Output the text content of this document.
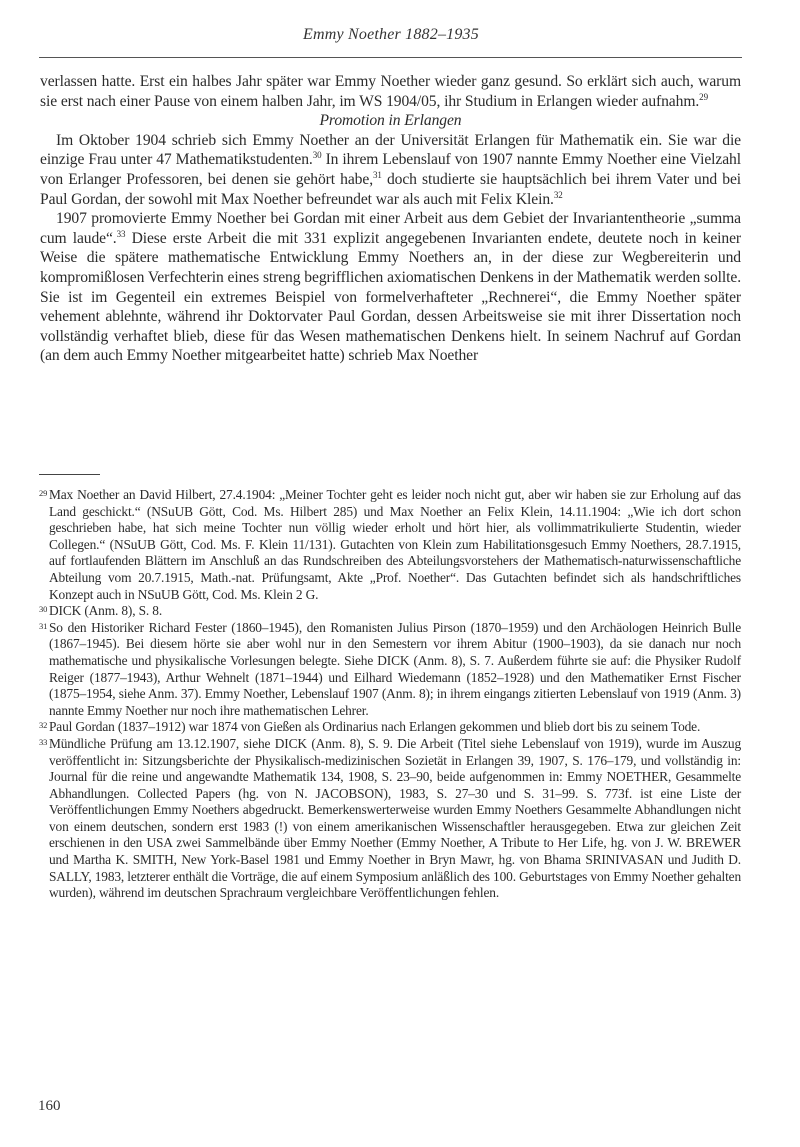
Emmy Noether 1882–1935

verlassen hatte. Erst ein halbes Jahr später war Emmy Noether wieder ganz gesund. So erklärt sich auch, warum sie erst nach einer Pause von einem halben Jahr, im WS 1904/05, ihr Studium in Erlangen wieder aufnahm.$^{29}$

Promotion in Erlangen

Im Oktober 1904 schrieb sich Emmy Noether an der Universität Erlangen für Mathematik ein. Sie war die einzige Frau unter 47 Mathematikstudenten.$^{30}$ In ihrem Lebenslauf von 1907 nannte Emmy Noether eine Vielzahl von Erlanger Professoren, bei denen sie gehört habe,$^{31}$ doch studierte sie hauptsächlich bei ihrem Vater und bei Paul Gordan, der sowohl mit Max Noether befreundet war als auch mit Felix Klein.$^{32}$

1907 promovierte Emmy Noether bei Gordan mit einer Arbeit aus dem Gebiet der Invariantentheorie „summa cum laude“.$^{33}$ Diese erste Arbeit die mit 331 explizit angegebenen Invarianten endete, deutete noch in keiner Weise die spätere mathematische Entwicklung Emmy Noethers an, in der diese zur Wegbereiterin und kompromißlosen Verfechterin eines streng begrifflichen axiomatischen Denkens in der Mathematik werden sollte. Sie ist im Gegenteil ein extremes Beispiel von formelverhafteter „Rechnerei“, die Emmy Noether später vehement ablehnte, während ihr Doktorvater Paul Gordan, dessen Arbeitsweise sie mit ihrer Dissertation noch vollständig verhaftet blieb, diese für das Wesen mathematischen Denkens hielt. In seinem Nachruf auf Gordan (an dem auch Emmy Noether mitgearbeitet hatte) schrieb Max Noether

29 Max Noether an David Hilbert, 27.4.1904: „Meiner Tochter geht es leider noch nicht gut, aber wir haben sie zur Erholung auf das Land geschickt.“ (NSuUB Gött, Cod. Ms. Hilbert 285) und Max Noether an Felix Klein, 14.11.1904: „Wie ich dort schon geschrieben habe, hat sich meine Tochter nun völlig wieder erholt und hört hier, als vollimmatrikulierte Studentin, wieder Collegen.“ (NSuUB Gött, Cod. Ms. F. Klein 11/131). Gutachten von Klein zum Habilitationsgesuch Emmy Noethers, 28.7.1915, auf fortlaufenden Blättern im Anschluß an das Rundschreiben des Abteilungsvorstehers der Mathematisch-naturwissenschaftliche Abteilung vom 20.7.1915, Math.-nat. Prüfungsamt, Akte „Prof. Noether“. Das Gutachten befindet sich als handschriftliches Konzept auch in NSuUB Gött, Cod. Ms. Klein 2 G.

30 DICK (Anm. 8), S. 8.

31 So den Historiker Richard Fester (1860–1945), den Romanisten Julius Pirson (1870–1959) und den Archäologen Heinrich Bulle (1867–1945). Bei diesem hörte sie aber wohl nur in den Semestern vor ihrem Abitur (1900–1903), da sie danach nur noch mathematische und physikalische Vorlesungen belegte. Siehe DICK (Anm. 8), S. 7. Außerdem führte sie auf: die Physiker Rudolf Reiger (1877–1943), Arthur Wehnelt (1871–1944) und Eilhard Wiedemann (1852–1928) und den Mathematiker Ernst Fischer (1875–1954, siehe Anm. 37). Emmy Noether, Lebenslauf 1907 (Anm. 8); in ihrem eingangs zitierten Lebenslauf von 1919 (Anm. 3) nannte Emmy Noether nur noch ihre mathematischen Lehrer.

32 Paul Gordan (1837–1912) war 1874 von Gießen als Ordinarius nach Erlangen gekommen und blieb dort bis zu seinem Tode.

33 Mündliche Prüfung am 13.12.1907, siehe DICK (Anm. 8), S. 9. Die Arbeit (Titel siehe Lebenslauf von 1919), wurde im Auszug veröffentlicht in: Sitzungsberichte der Physikalisch-medizinischen Sozietät in Erlangen 39, 1907, S. 176–179, und vollständig in: Journal für die reine und angewandte Mathematik 134, 1908, S. 23–90, beide aufgenommen in: Emmy NOETHER, Gesammelte Abhandlungen. Collected Papers (hg. von N. JACOBSON), 1983, S. 27–30 und S. 31–99. S. 773f. ist eine Liste der Veröffentlichungen Emmy Noethers abgedruckt. Bemerkenswerterweise wurden Emmy Noethers Gesammelte Abhandlungen nicht von einem deutschen, sondern erst 1983 (!) von einem amerikanischen Wissenschaftler herausgegeben. Etwa zur gleichen Zeit erschienen in den USA zwei Sammelbände über Emmy Noether (Emmy Noether, A Tribute to Her Life, hg. von J. W. BREWER und Martha K. SMITH, New York-Basel 1981 und Emmy Noether in Bryn Mawr, hg. von Bhama SRINIVASAN und Judith D. SALLY, 1983, letzterer enthält die Vorträge, die auf einem Symposium anläßlich des 100. Geburtstages von Emmy Noether gehalten wurden), während im deutschen Sprachraum vergleichbare Veröffentlichungen fehlen.

160
